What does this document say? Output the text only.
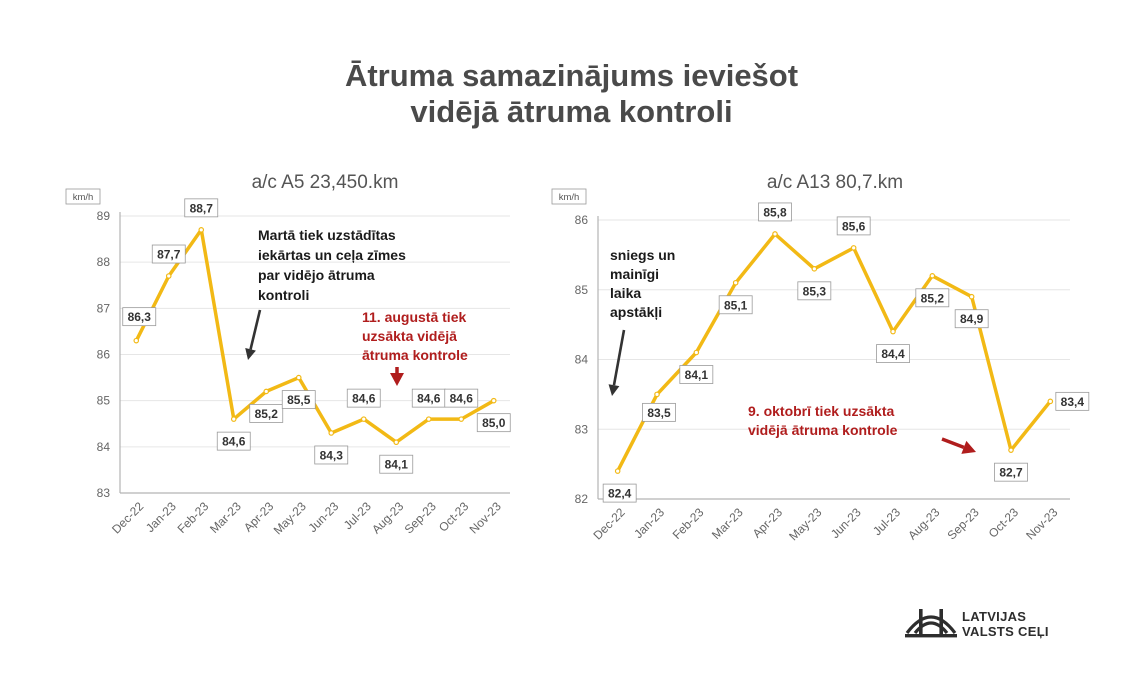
Ātruma samazinājums ieviešot
vidējā ātruma kontroli
a/c A5 23,450.km
km/h
83
84
85
86
87
88
89
Dec-22
Jan-23
Feb-23
Mar-23
Apr-23
May-23
Jun-23 Jul-23
Aug-23
Sep-23
Oct-23
Nov-23
86,3
87,7
88,7
84,6
85,2
85,5
84,3
84,6
84,1
84,6 84,6
85,0
Martā tiek uzstādītas iekārtas un ceļa zīmes par vidējo ātruma kontroli
11. augustā tiek uzsākta vidējā ātruma kontrole
a/c A13 80,7.km
km/h
82
83
84
85
86
Dec-22 Jan-23 Feb-23 Mar-23 Apr-23 May-23 Jun-23 Jul-23 Aug-23 Sep-23 Oct-23 Nov-23
82,4
83,5
84,1
85,1
85,8
85,3
85,6
84,4
85,2
84,9
82,7
83,4
sniegs un mainīgi laika apstākļi
9. oktobrī tiek uzsākta vidējā ātruma kontrole
LATVIJAS
VALSTS CEĻI
